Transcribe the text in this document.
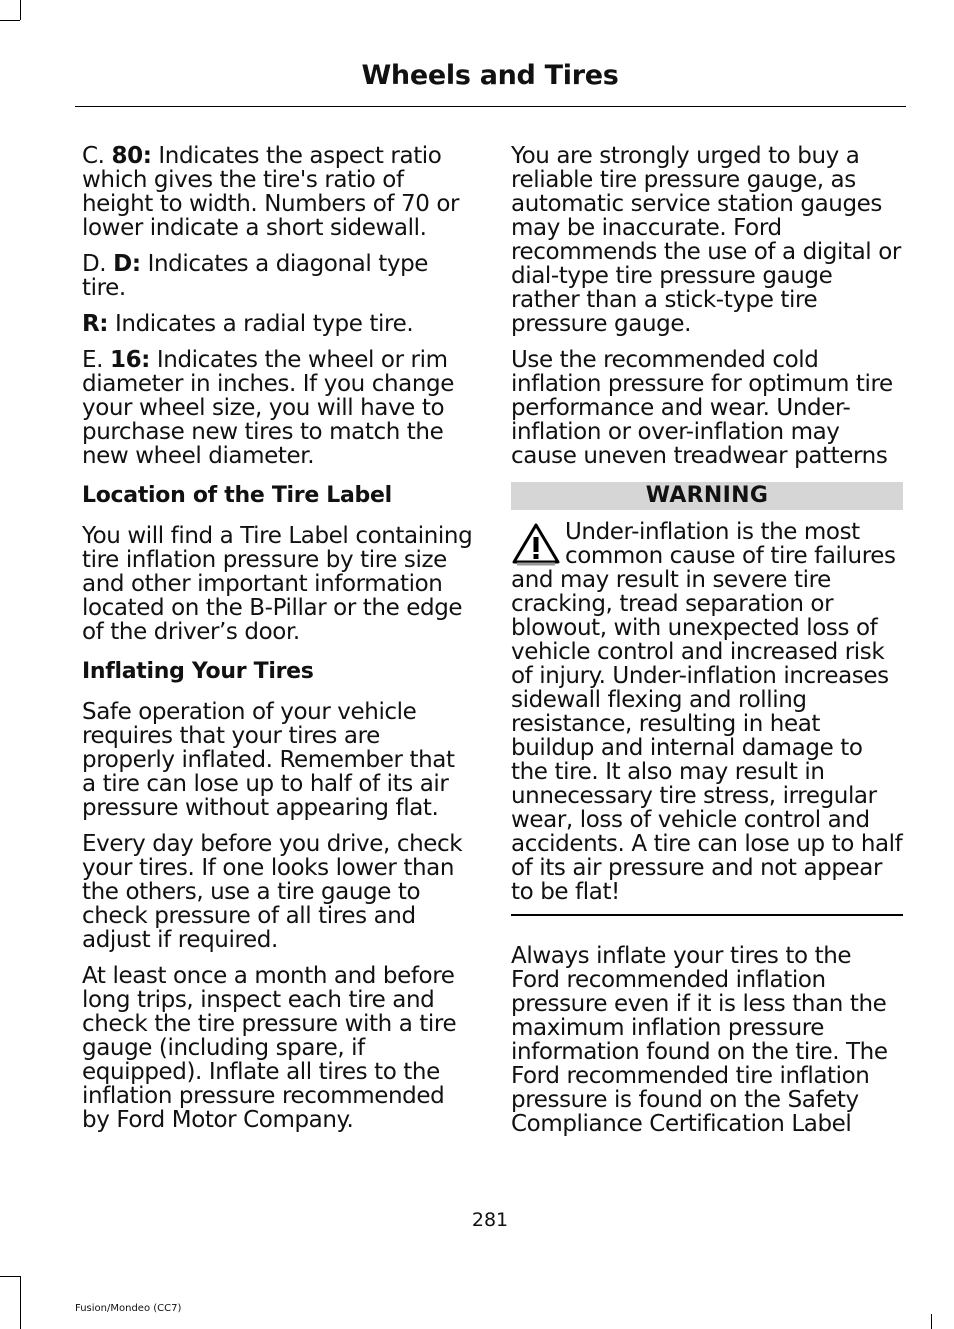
Wheels and Tires

C. 80: Indicates the aspect ratio which gives the tire's ratio of height to width. Numbers of 70 or lower indicate a short sidewall.

D. D: Indicates a diagonal type tire.

R: Indicates a radial type tire.

E. 16: Indicates the wheel or rim diameter in inches. If you change your wheel size, you will have to purchase new tires to match the new wheel diameter.

Location of the Tire Label

You will find a Tire Label containing tire inflation pressure by tire size and other important information located on the B-Pillar or the edge of the driver’s door.

Inflating Your Tires

Safe operation of your vehicle requires that your tires are properly inflated. Remember that a tire can lose up to half of its air pressure without appearing flat.

Every day before you drive, check your tires. If one looks lower than the others, use a tire gauge to check pressure of all tires and adjust if required.

At least once a month and before long trips, inspect each tire and check the tire pressure with a tire gauge (including spare, if equipped). Inflate all tires to the inflation pressure recommended by Ford Motor Company.

You are strongly urged to buy a reliable tire pressure gauge, as automatic service station gauges may be inaccurate. Ford recommends the use of a digital or dial-type tire pressure gauge rather than a stick-type tire pressure gauge.

Use the recommended cold inflation pressure for optimum tire performance and wear. Under-inflation or over-inflation may cause uneven treadwear patterns

WARNING
Under-inflation is the most common cause of tire failures and may result in severe tire cracking, tread separation or blowout, with unexpected loss of vehicle control and increased risk of injury. Under-inflation increases sidewall flexing and rolling resistance, resulting in heat buildup and internal damage to the tire. It also may result in unnecessary tire stress, irregular wear, loss of vehicle control and accidents. A tire can lose up to half of its air pressure and not appear to be flat!

Always inflate your tires to the Ford recommended inflation pressure even if it is less than the maximum inflation pressure information found on the tire. The Ford recommended tire inflation pressure is found on the Safety Compliance Certification Label

281
Fusion/Mondeo (CC7)
